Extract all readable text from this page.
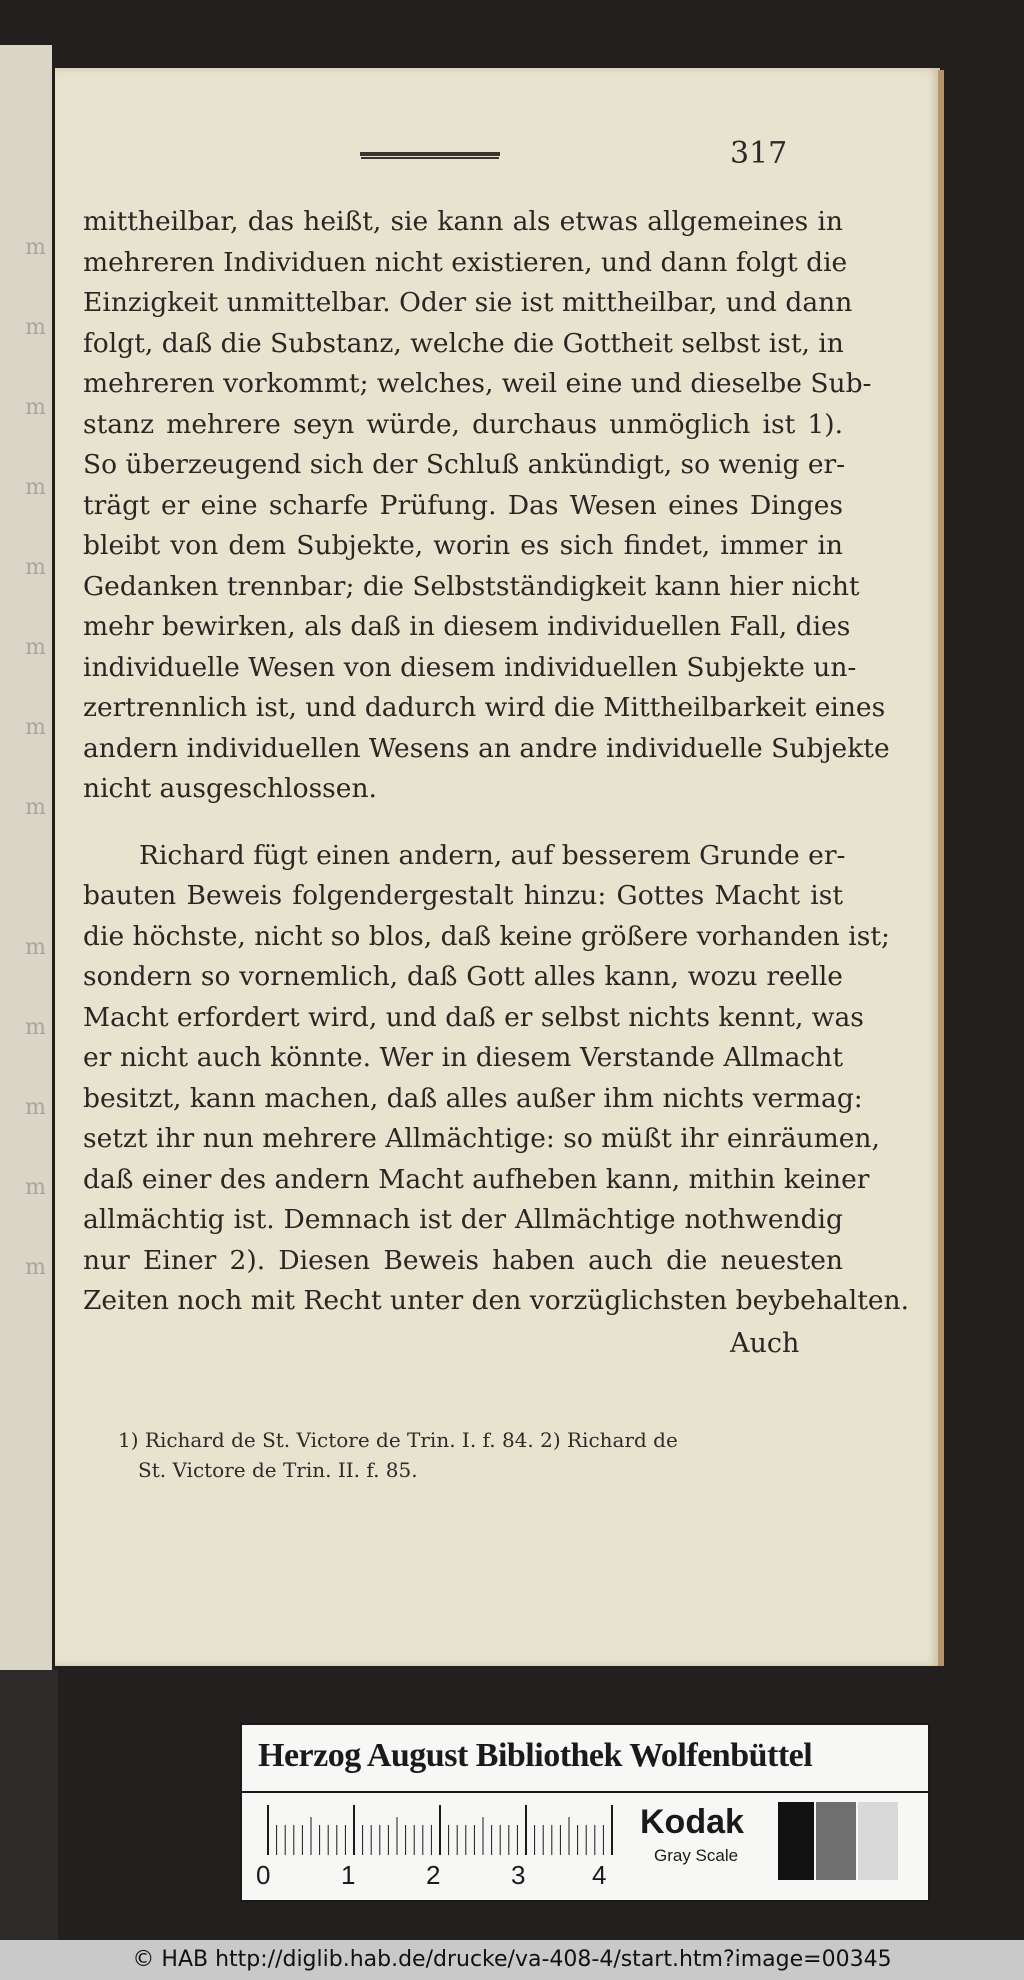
m
m
m
m
m
m
m
m
m
m
m
m
m
317
mittheilbar, das heißt, sie kann als etwas allgemeines in
mehreren Individuen nicht existieren, und dann folgt die
Einzigkeit unmittelbar. Oder sie ist mittheilbar, und dann
folgt, daß die Substanz, welche die Gottheit selbst ist, in
mehreren vorkommt; welches, weil eine und dieselbe Sub-
stanz mehrere seyn würde, durchaus unmöglich ist 1).
So überzeugend sich der Schluß ankündigt, so wenig er-
trägt er eine scharfe Prüfung. Das Wesen eines Dinges
bleibt von dem Subjekte, worin es sich findet, immer in
Gedanken trennbar; die Selbstständigkeit kann hier nicht
mehr bewirken, als daß in diesem individuellen Fall, dies
individuelle Wesen von diesem individuellen Subjekte un-
zertrennlich ist, und dadurch wird die Mittheilbarkeit eines
andern individuellen Wesens an andre individuelle Subjekte
nicht ausgeschlossen.
Richard fügt einen andern, auf besserem Grunde er-
bauten Beweis folgendergestalt hinzu: Gottes Macht ist
die höchste, nicht so blos, daß keine größere vorhanden ist;
sondern so vornemlich, daß Gott alles kann, wozu reelle
Macht erfordert wird, und daß er selbst nichts kennt, was
er nicht auch könnte. Wer in diesem Verstande Allmacht
besitzt, kann machen, daß alles außer ihm nichts vermag:
setzt ihr nun mehrere Allmächtige: so müßt ihr einräumen,
daß einer des andern Macht aufheben kann, mithin keiner
allmächtig ist. Demnach ist der Allmächtige nothwendig
nur Einer 2). Diesen Beweis haben auch die neuesten
Zeiten noch mit Recht unter den vorzüglichsten beybehalten.
Auch
1) Richard de St. Victore de Trin. I. f. 84. 2) Richard de
St. Victore de Trin. II. f. 85.
Herzog August Bibliothek Wolfenbüttel
0	1	2	3	4
Kodak
Gray Scale
© HAB http://diglib.hab.de/drucke/va-408-4/start.htm?image=00345
